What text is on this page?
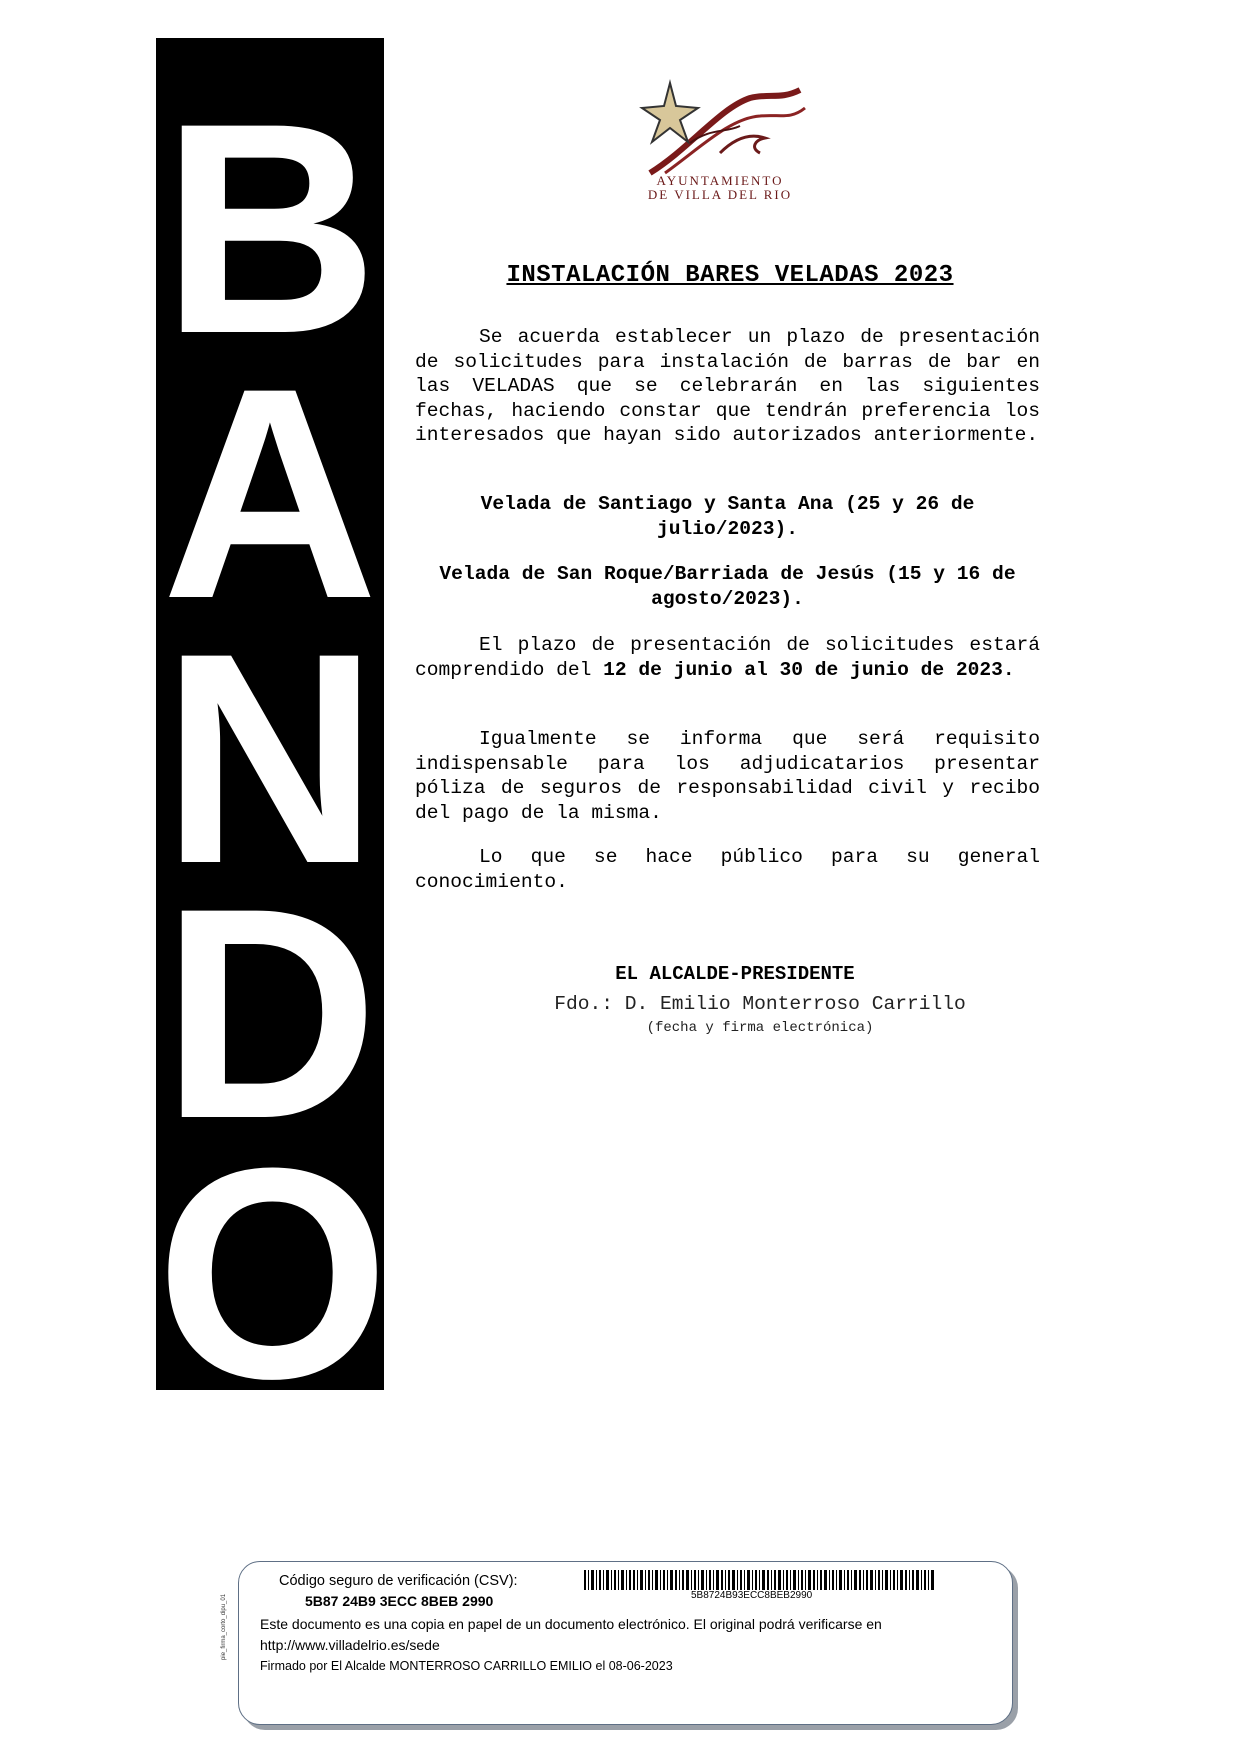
B
A
N
D
O
AYUNTAMIENTO
DE VILLA DEL RIO
INSTALACIÓN BARES VELADAS 2023

Se acuerda establecer un plazo de presentación de solicitudes para instalación de barras de bar en las VELADAS que se celebrarán en las siguientes fechas, haciendo constar que tendrán preferencia los interesados que hayan sido autorizados anteriormente.

Velada de Santiago y Santa Ana (25 y 26 de julio/2023).

Velada de San Roque/Barriada de Jesús (15 y 16 de agosto/2023).

El plazo de presentación de solicitudes estará comprendido del 12 de junio al 30 de junio de 2023.

Igualmente se informa que será requisito indispensable para los adjudicatarios presentar póliza de seguros de responsabilidad civil y recibo del pago de la misma.

Lo que se hace público para su general conocimiento.

EL ALCALDE-PRESIDENTE
Fdo.: D. Emilio Monterroso Carrillo
(fecha y firma electrónica)
pie_firma_corto_dipu_01
Código seguro de verificación (CSV):
5B87 24B9 3ECC 8BEB 2990	5B8724B93ECC8BEB2990
Este documento es una copia en papel de un documento electrónico. El original podrá verificarse en
http://www.villadelrio.es/sede
Firmado por El Alcalde MONTERROSO CARRILLO EMILIO el 08-06-2023
